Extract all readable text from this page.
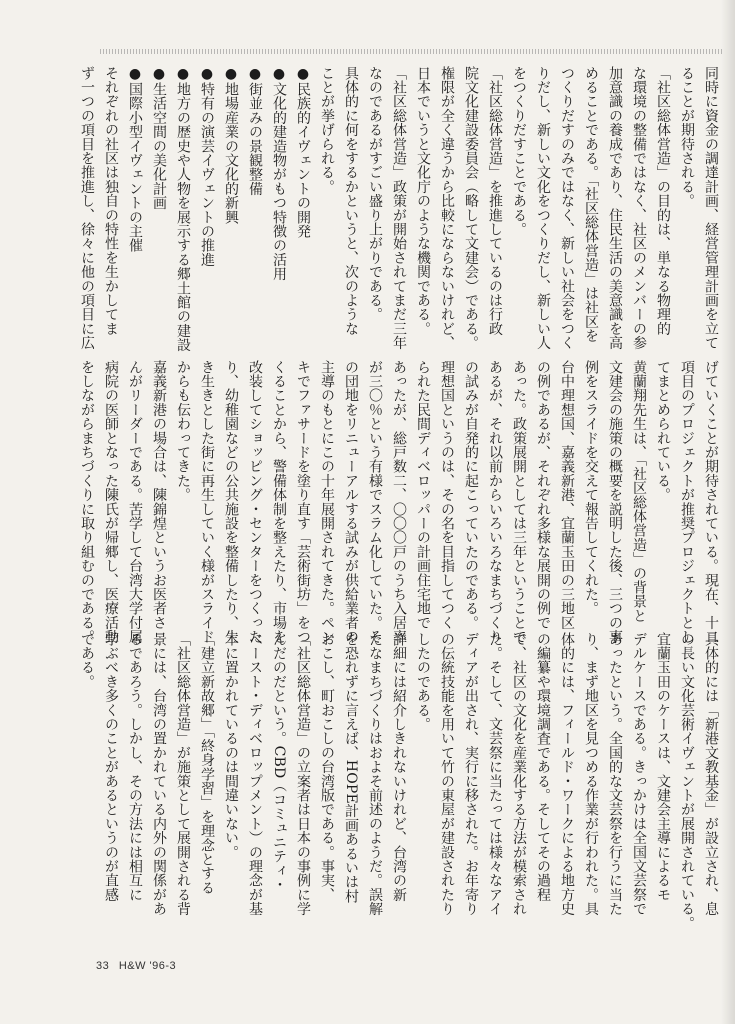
同時に資金の調達計画、経営管理計画を立て
ることが期待される。
「社区総体営造」の目的は、単なる物理的
な環境の整備ではなく、社区のメンバーの参
加意識の養成であり、住民生活の美意識を高
めることである。「社区総体営造」は社区を
つくりだすのみではなく、新しい社会をつく
りだし、新しい文化をつくりだし、新しい人
をつくりだすことである。
「社区総体営造」を推進しているのは行政
院文化建設委員会（略して文建会）である。
権限が全く違うから比較にならないけれど、
日本でいうと文化庁のような機関である。
「社区総体営造」政策が開始されてまだ三年
なのであるがすごい盛り上がりである。
具体的に何をするかというと、次のような
ことが挙げられる。
●民族的イヴェントの開発
●文化的建造物がもつ特徴の活用
●街並みの景観整備
●地場産業の文化的新興
●特有の演芸イヴェントの推進
●地方の歴史や人物を展示する郷土館の建設
●生活空間の美化計画
●国際小型イヴェントの主催
それぞれの社区は独自の特性を生かしてま
ず一つの項目を推進し、徐々に他の項目に広
げていくことが期待されている。現在、十二
項目のプロジェクトが推奨プロジェクトとし
てまとめられている。
黄蘭翔先生は、「社区総体営造」の背景と
文建会の施策の概要を説明した後、三つの事
例をスライドを交えて報告してくれた。
台中理想国、嘉義新港、宜蘭玉田の三地区
の例であるが、それぞれ多様な展開の例で
あった。政策展開としては三年ということで
あるが、それ以前からいろいろなまちづくり
の試みが自発的に起こっていたのである。
理想国というのは、その名を目指してつく
られた民間ディベロッパーの計画住宅地で
あったが、総戸数二、〇〇〇戸のうち入居率
が三〇％という有様でスラム化していた。そ
の団地をリニューアルする試みが供給業者の
主導のもとにこの十年展開されてきた。ペン
キでファサードを塗り直す「芸術街坊」をつ
くることから、警備体制を整えたり、市場を
改装してショッピング・センターをつくった
り、幼稚園などの公共施設を整備したり、生
き生きとした街に再生していく様がスライド
からも伝わってきた。
嘉義新港の場合は、陳錦煌というお医者さ
んがリーダーである。苦学して台湾大学付属
病院の医師となった陳氏が帰郷し、医療活動
をしながらまちづくりに取り組むのである。
具体的には「新港文教基金」が設立され、息
の長い文化芸術イヴェントが展開されている。
宜蘭玉田のケースは、文建会主導によるモ
デルケースである。きっかけは全国文芸祭で
あったという。全国的な文芸祭を行うに当た
り、まず地区を見つめる作業が行われた。具
体的には、フィールド・ワークによる地方史
の編纂や環境調査である。そしてその過程
で、社区の文化を産業化する方法が模索され
た。そして、文芸祭に当たっては様々なアイ
ディアが出され、実行に移された。お年寄り
の伝統技能を用いて竹の東屋が建設されたり
したのである。
詳細には紹介しきれないけれど、台湾の新
たなまちづくりはおよそ前述のようだ。誤解
を恐れずに言えば、HOPE計画あるいは村
おこし、町おこしの台湾版である。事実、
「社区総体営造」の立案者は日本の事例に学
んだのだという。CBD（コミュニティ・
ベースト・ディベロップメント）の理念が基
本に置かれているのは間違いない。
「建立新故郷」「終身学習」を理念とする
「社区総体営造」が施策として展開される背
景には、台湾の置かれている内外の関係があ
るであろう。しかし、その方法には相互に
学ぶべき多くのことがあるというのが直感
である。
33 H&W '96-3
